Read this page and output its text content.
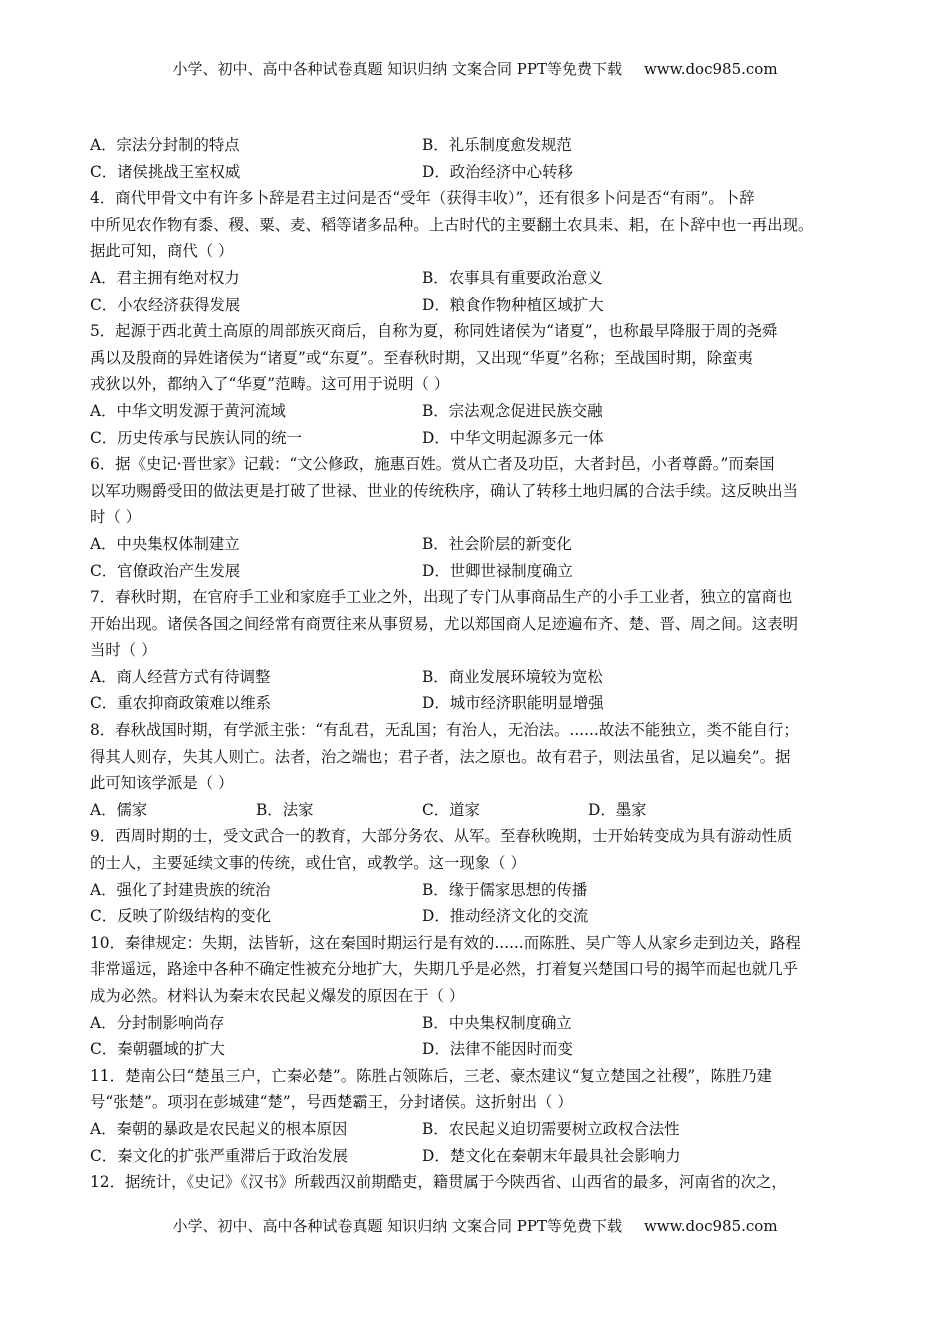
小学、初中、高中各种试卷真题 知识归纳 文案合同 PPT等免费下载 www.doc985.com
A．宗法分封制的特点	B．礼乐制度愈发规范
C．诸侯挑战王室权威	D．政治经济中心转移
4．商代甲骨文中有许多卜辞是君主过问是否“受年（获得丰收）”，还有很多卜问是否“有雨”。卜辞
中所见农作物有黍、稷、粟、麦、稻等诸多品种。上古时代的主要翻土农具耒、耜，在卜辞中也一再出现。
据此可知，商代（ ）
A．君主拥有绝对权力	B．农事具有重要政治意义
C．小农经济获得发展	D．粮食作物种植区域扩大
5．起源于西北黄土高原的周部族灭商后，自称为夏，称同姓诸侯为“诸夏”，也称最早降服于周的尧舜
禹以及殷商的异姓诸侯为“诸夏”或“东夏”。至春秋时期，又出现“华夏”名称；至战国时期，除蛮夷
戎狄以外，都纳入了“华夏”范畴。这可用于说明（ ）
A．中华文明发源于黄河流域	B．宗法观念促进民族交融
C．历史传承与民族认同的统一	D．中华文明起源多元一体
6．据《史记·晋世家》记载：“文公修政，施惠百姓。赏从亡者及功臣，大者封邑，小者尊爵。”而秦国
以军功赐爵受田的做法更是打破了世禄、世业的传统秩序，确认了转移土地归属的合法手续。这反映出当
时（ ）
A．中央集权体制建立	B．社会阶层的新变化
C．官僚政治产生发展	D．世卿世禄制度确立
7．春秋时期，在官府手工业和家庭手工业之外，出现了专门从事商品生产的小手工业者，独立的富商也
开始出现。诸侯各国之间经常有商贾往来从事贸易，尤以郑国商人足迹遍布齐、楚、晋、周之间。这表明
当时（ ）
A．商人经营方式有待调整	B．商业发展环境较为宽松
C．重农抑商政策难以维系	D．城市经济职能明显增强
8．春秋战国时期，有学派主张：“有乱君，无乱国；有治人，无治法。......故法不能独立，类不能自行；
得其人则存，失其人则亡。法者，治之端也；君子者，法之原也。故有君子，则法虽省，足以遍矣”。据
此可知该学派是（ ）
A．儒家	B．法家	C．道家	D．墨家
9．西周时期的士，受文武合一的教育，大部分务农、从军。至春秋晚期，士开始转变成为具有游动性质
的士人，主要延续文事的传统，或仕官，或教学。这一现象（ ）
A．强化了封建贵族的统治	B．缘于儒家思想的传播
C．反映了阶级结构的变化	D．推动经济文化的交流
10．秦律规定：失期，法皆斩，这在秦国时期运行是有效的......而陈胜、吴广等人从家乡走到边关，路程
非常遥远，路途中各种不确定性被充分地扩大，失期几乎是必然，打着复兴楚国口号的揭竿而起也就几乎
成为必然。材料认为秦末农民起义爆发的原因在于（ ）
A．分封制影响尚存	B．中央集权制度确立
C．秦朝疆域的扩大	D．法律不能因时而变
11．楚南公曰“楚虽三户，亡秦必楚”。陈胜占领陈后，三老、豪杰建议“复立楚国之社稷”，陈胜乃建
号“张楚”。项羽在彭城建“楚”，号西楚霸王，分封诸侯。这折射出（ ）
A．秦朝的暴政是农民起义的根本原因	B．农民起义迫切需要树立政权合法性
C．秦文化的扩张严重滞后于政治发展	D．楚文化在秦朝末年最具社会影响力
12．据统计，《史记》《汉书》所载西汉前期酷吏，籍贯属于今陕西省、山西省的最多，河南省的次之，
小学、初中、高中各种试卷真题 知识归纳 文案合同 PPT等免费下载 www.doc985.com
